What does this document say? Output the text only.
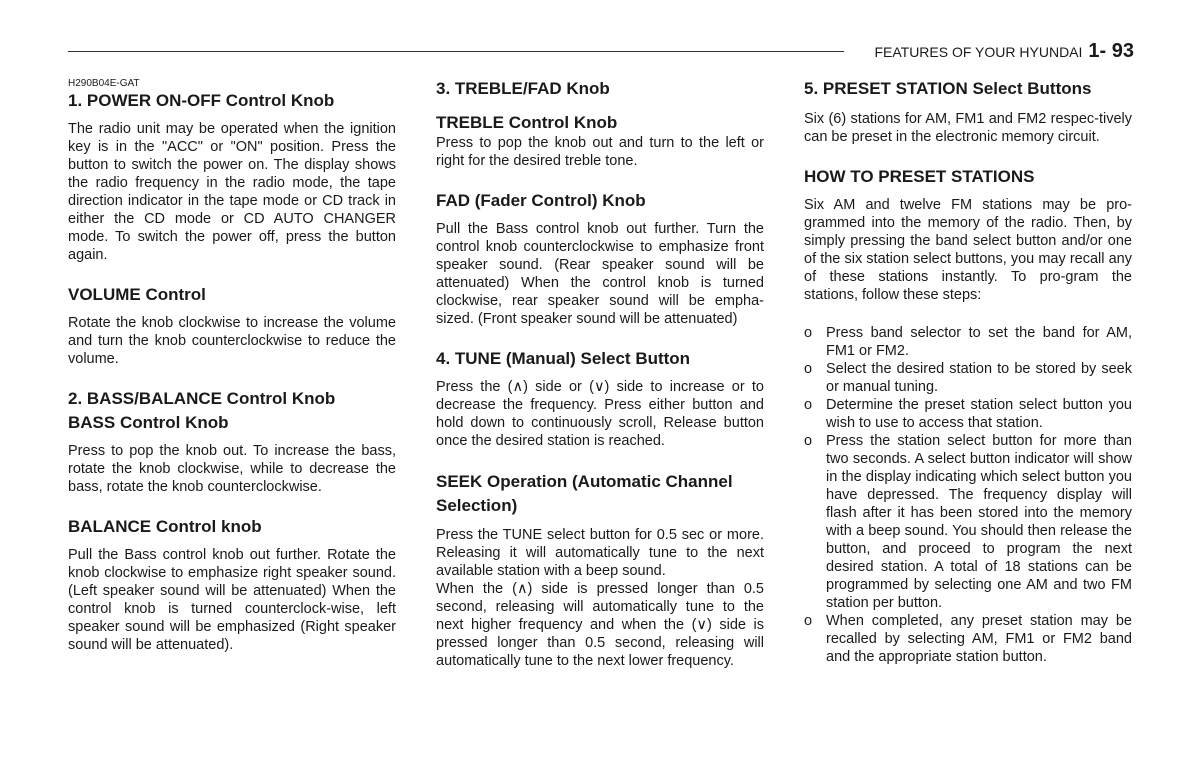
FEATURES OF YOUR HYUNDAI 1- 93
H290B04E-GAT
1. POWER ON-OFF Control Knob

The radio unit may be operated when the ignition key is in the "ACC" or "ON" position. Press the button to switch the power on. The display shows the radio frequency in the radio mode, the tape direction indicator in the tape mode or CD track in either the CD mode or CD AUTO CHANGER mode. To switch the power off, press the button again.

VOLUME Control

Rotate the knob clockwise to increase the volume and turn the knob counterclockwise to reduce the volume.

2. BASS/BALANCE Control Knob
BASS Control Knob

Press to pop the knob out. To increase the bass, rotate the knob clockwise, while to decrease the bass, rotate the knob counterclockwise.

BALANCE Control knob

Pull the Bass control knob out further. Rotate the knob clockwise to emphasize right speaker sound. (Left speaker sound will be attenuated) When the control knob is turned counterclock-wise, left speaker sound will be emphasized (Right speaker sound will be attenuated).

3. TREBLE/FAD Knob
TREBLE Control Knob

Press to pop the knob out and turn to the left or right for the desired treble tone.

FAD (Fader Control) Knob

Pull the Bass control knob out further. Turn the control knob counterclockwise to emphasize front speaker sound. (Rear speaker sound will be attenuated) When the control knob is turned clockwise, rear speaker sound will be empha-sized. (Front speaker sound will be attenuated)

4. TUNE (Manual) Select Button

Press the (∧) side or (∨) side to increase or to decrease the frequency. Press either button and hold down to continuously scroll, Release button once the desired station is reached.

SEEK Operation (Automatic Channel Selection)

Press the TUNE select button for 0.5 sec or more. Releasing it will automatically tune to the next available station with a beep sound.

When the (∧) side is pressed longer than 0.5 second, releasing will automatically tune to the next higher frequency and when the (∨) side is pressed longer than 0.5 second, releasing will automatically tune to the next lower frequency.

5. PRESET STATION Select Buttons

Six (6) stations for AM, FM1 and FM2 respec-tively can be preset in the electronic memory circuit.

HOW TO PRESET STATIONS

Six AM and twelve FM stations may be pro-grammed into the memory of the radio. Then, by simply pressing the band select button and/or one of the six station select buttons, you may recall any of these stations instantly. To pro-gram the stations, follow these steps:

o Press band selector to set the band for AM, FM1 or FM2.
o Select the desired station to be stored by seek or manual tuning.
o Determine the preset station select button you wish to use to access that station.
o Press the station select button for more than two seconds. A select button indicator will show in the display indicating which select button you have depressed. The frequency display will flash after it has been stored into the memory with a beep sound. You should then release the button, and proceed to program the next desired station. A total of 18 stations can be programmed by selecting one AM and two FM station per button.
o When completed, any preset station may be recalled by selecting AM, FM1 or FM2 band and the appropriate station button.
